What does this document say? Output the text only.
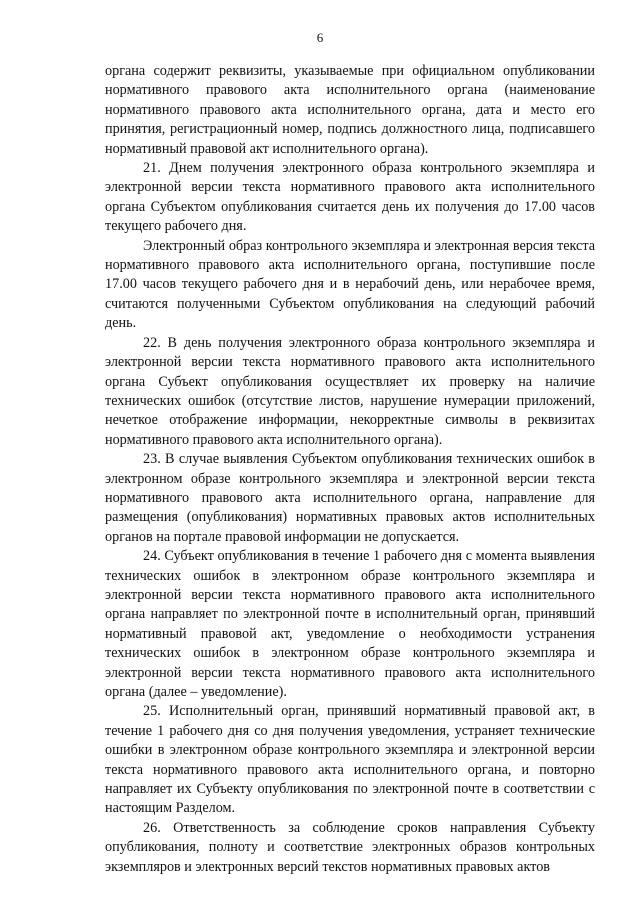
6

органа содержит реквизиты, указываемые при официальном опубликовании нормативного правового акта исполнительного органа (наименование нормативного правового акта исполнительного органа, дата и место его принятия, регистрационный номер, подпись должностного лица, подписавшего нормативный правовой акт исполнительного органа).

21. Днем получения электронного образа контрольного экземпляра и электронной версии текста нормативного правового акта исполнительного органа Субъектом опубликования считается день их получения до 17.00 часов текущего рабочего дня.

Электронный образ контрольного экземпляра и электронная версия текста нормативного правового акта исполнительного органа, поступившие после 17.00 часов текущего рабочего дня и в нерабочий день, или нерабочее время, считаются полученными Субъектом опубликования на следующий рабочий день.

22. В день получения электронного образа контрольного экземпляра и электронной версии текста нормативного правового акта исполнительного органа Субъект опубликования осуществляет их проверку на наличие технических ошибок (отсутствие листов, нарушение нумерации приложений, нечеткое отображение информации, некорректные символы в реквизитах нормативного правового акта исполнительного органа).

23. В случае выявления Субъектом опубликования технических ошибок в электронном образе контрольного экземпляра и электронной версии текста нормативного правового акта исполнительного органа, направление для размещения (опубликования) нормативных правовых актов исполнительных органов на портале правовой информации не допускается.

24. Субъект опубликования в течение 1 рабочего дня с момента выявления технических ошибок в электронном образе контрольного экземпляра и электронной версии текста нормативного правового акта исполнительного органа направляет по электронной почте в исполнительный орган, принявший нормативный правовой акт, уведомление о необходимости устранения технических ошибок в электронном образе контрольного экземпляра и электронной версии текста нормативного правового акта исполнительного органа (далее – уведомление).

25. Исполнительный орган, принявший нормативный правовой акт, в течение 1 рабочего дня со дня получения уведомления, устраняет технические ошибки в электронном образе контрольного экземпляра и электронной версии текста нормативного правового акта исполнительного органа, и повторно направляет их Субъекту опубликования по электронной почте в соответствии с настоящим Разделом.

26. Ответственность за соблюдение сроков направления Субъекту опубликования, полноту и соответствие электронных образов контрольных экземпляров и электронных версий текстов нормативных правовых актов
